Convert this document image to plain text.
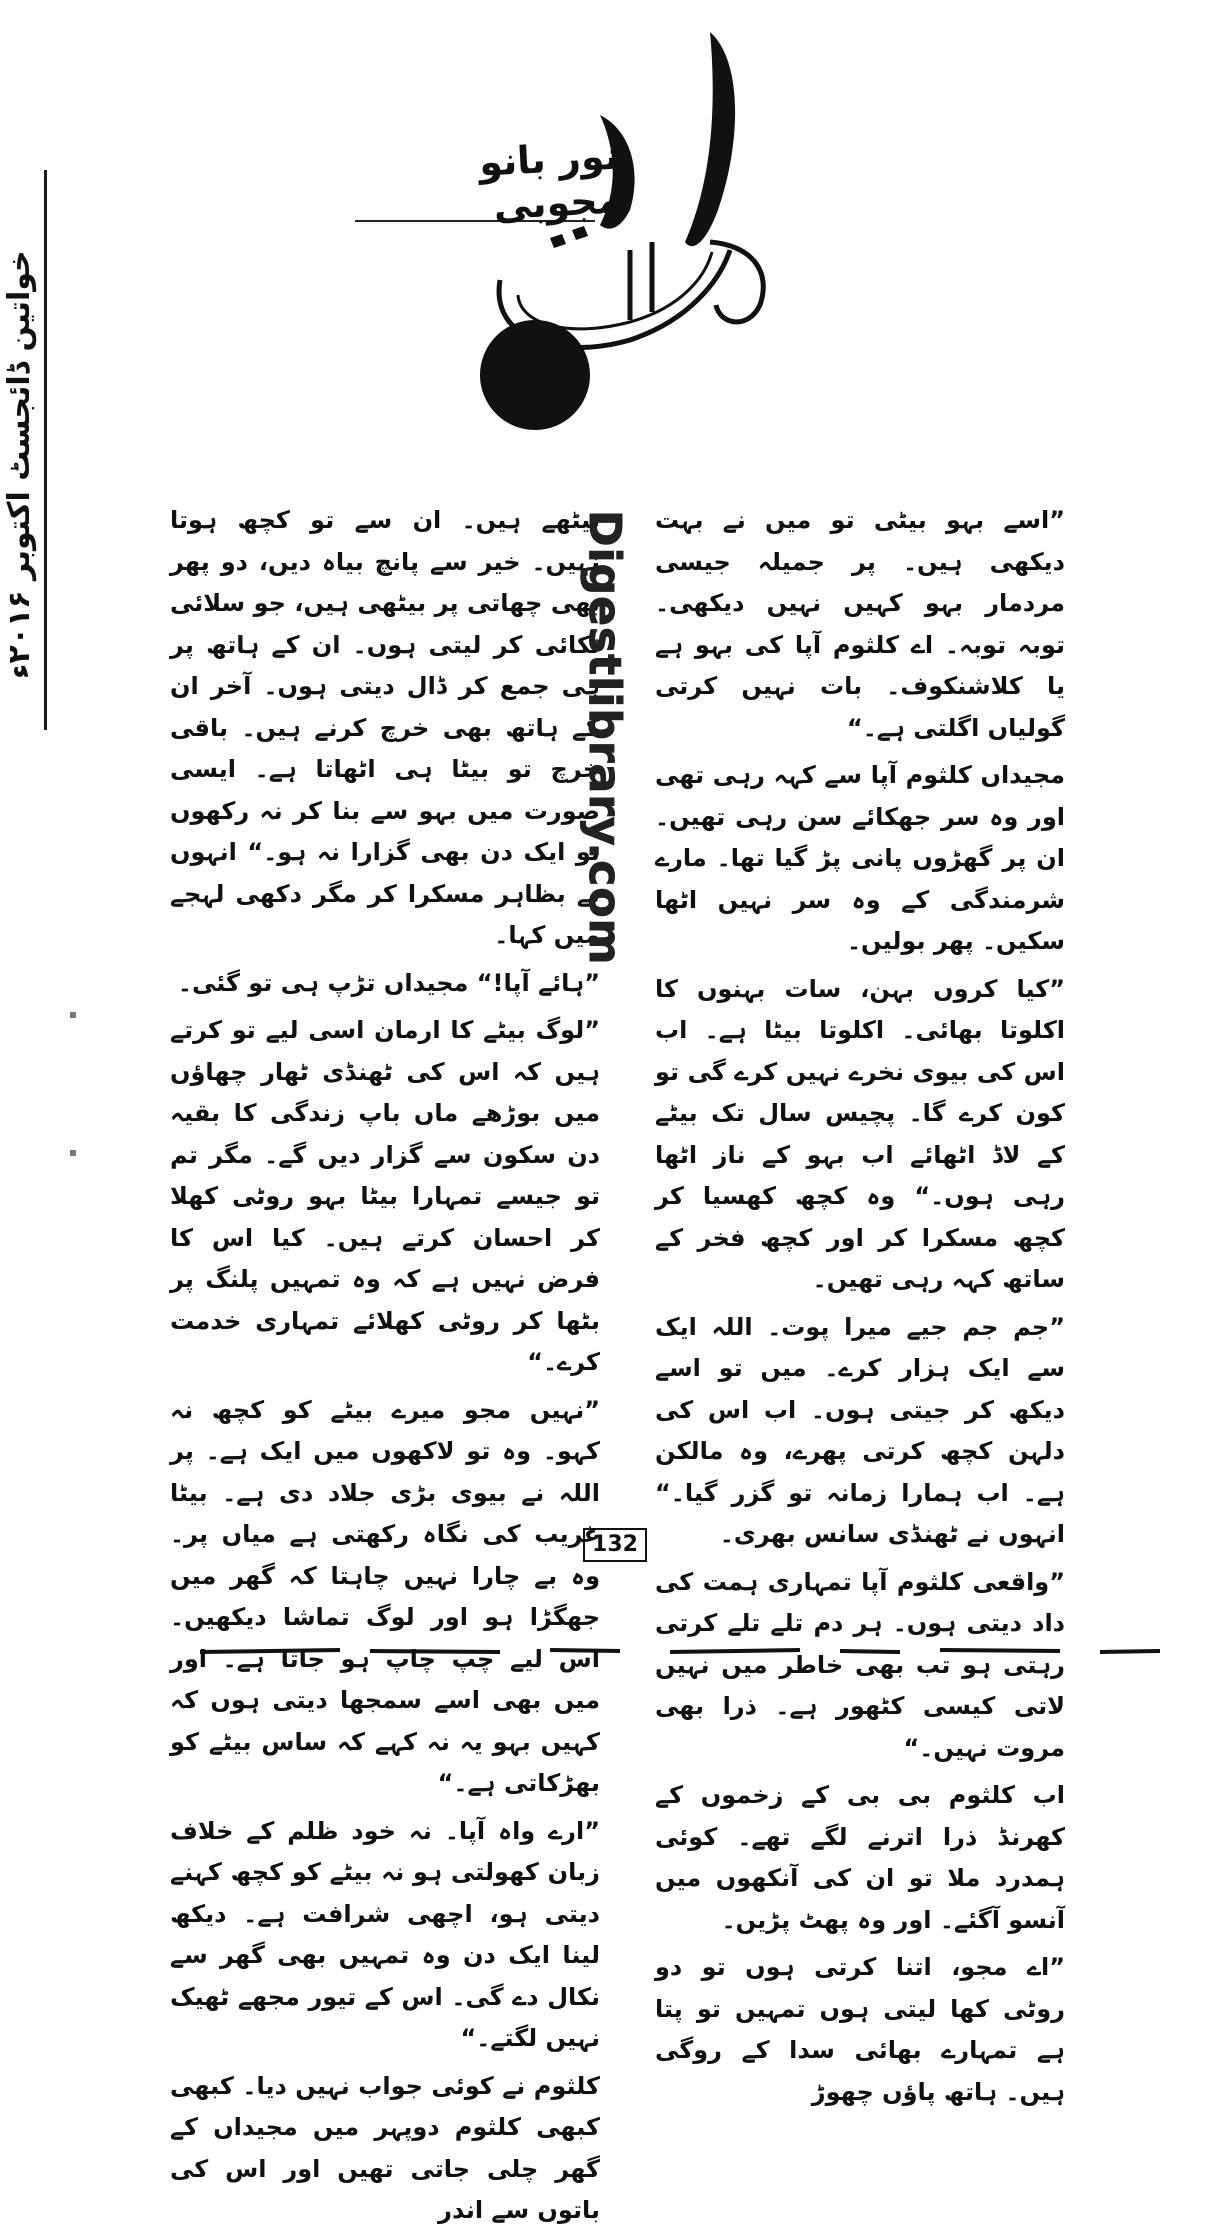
خواتین ڈائجسٹ اکتوبر ۲۰۱۶ء
نور بانو مجوبی

”اسے بہو بیٹی تو میں نے بہت دیکھی ہیں۔ پر جمیلہ جیسی مردمار بہو کہیں نہیں دیکھی۔ توبہ توبہ۔ اے کلثوم آپا کی بہو ہے یا کلاشنکوف۔ بات نہیں کرتی گولیاں اگلتی ہے۔“

مجیداں کلثوم آپا سے کہہ رہی تھی اور وہ سر جھکائے سن رہی تھیں۔ ان پر گھڑوں پانی پڑ گیا تھا۔ مارے شرمندگی کے وہ سر نہیں اٹھا سکیں۔ پھر بولیں۔

”کیا کروں بہن، سات بہنوں کا اکلوتا بھائی۔ اکلوتا بیٹا ہے۔ اب اس کی بیوی نخرے نہیں کرے گی تو کون کرے گا۔ پچیس سال تک بیٹے کے لاڈ اٹھائے اب بہو کے ناز اٹھا رہی ہوں۔“ وہ کچھ کھسیا کر کچھ مسکرا کر اور کچھ فخر کے ساتھ کہہ رہی تھیں۔

”جم جم جیے میرا پوت۔ اللہ ایک سے ایک ہزار کرے۔ میں تو اسے دیکھ کر جیتی ہوں۔ اب اس کی دلہن کچھ کرتی پھرے، وہ مالکن ہے۔ اب ہمارا زمانہ تو گزر گیا۔“ انہوں نے ٹھنڈی سانس بھری۔

”واقعی کلثوم آپا تمہاری ہمت کی داد دیتی ہوں۔ ہر دم تلے تلے کرتی رہتی ہو تب بھی خاطر میں نہیں لاتی کیسی کٹھور ہے۔ ذرا بھی مروت نہیں۔“

اب کلثوم بی بی کے زخموں کے کھرنڈ ذرا اترنے لگے تھے۔ کوئی ہمدرد ملا تو ان کی آنکھوں میں آنسو آگئے۔ اور وہ پھٹ پڑیں۔

”اے مجو، اتنا کرتی ہوں تو دو روٹی کھا لیتی ہوں تمہیں تو پتا ہے تمہارے بھائی سدا کے روگی ہیں۔ ہاتھ پاؤں چھوڑ

بیٹھے ہیں۔ ان سے تو کچھ ہوتا نہیں۔ خیر سے پانچ بیاہ دیں، دو پھر بھی چھاتی پر بیٹھی ہیں، جو سلائی ٹکائی کر لیتی ہوں۔ ان کے ہاتھ پر ہی جمع کر ڈال دیتی ہوں۔ آخر ان کے ہاتھ بھی خرچ کرنے ہیں۔ باقی خرچ تو بیٹا ہی اٹھاتا ہے۔ ایسی صورت میں بہو سے بنا کر نہ رکھوں تو ایک دن بھی گزارا نہ ہو۔“ انہوں نے بظاہر مسکرا کر مگر دکھی لہجے میں کہا۔

”ہائے آپا!“ مجیداں تڑپ ہی تو گئی۔

”لوگ بیٹے کا ارمان اسی لیے تو کرتے ہیں کہ اس کی ٹھنڈی ٹھار چھاؤں میں بوڑھے ماں باپ زندگی کا بقیہ دن سکون سے گزار دیں گے۔ مگر تم تو جیسے تمہارا بیٹا بہو روٹی کھلا کر احسان کرتے ہیں۔ کیا اس کا فرض نہیں ہے کہ وہ تمہیں پلنگ پر بٹھا کر روٹی کھلائے تمہاری خدمت کرے۔“

”نہیں مجو میرے بیٹے کو کچھ نہ کہو۔ وہ تو لاکھوں میں ایک ہے۔ پر اللہ نے بیوی بڑی جلاد دی ہے۔ بیٹا غریب کی نگاہ رکھتی ہے میاں پر۔ وہ بے چارا نہیں چاہتا کہ گھر میں جھگڑا ہو اور لوگ تماشا دیکھیں۔ اس لیے چپ چاپ ہو جاتا ہے۔ اور میں بھی اسے سمجھا دیتی ہوں کہ کہیں بہو یہ نہ کہے کہ ساس بیٹے کو بھڑکاتی ہے۔“

”ارے واہ آپا۔ نہ خود ظلم کے خلاف زبان کھولتی ہو نہ بیٹے کو کچھ کہنے دیتی ہو، اچھی شرافت ہے۔ دیکھ لینا ایک دن وہ تمہیں بھی گھر سے نکال دے گی۔ اس کے تیور مجھے ٹھیک نہیں لگتے۔“

کلثوم نے کوئی جواب نہیں دیا۔ کبھی کبھی کلثوم دوپہر میں مجیداں کے گھر چلی جاتی تھیں اور اس کی باتوں سے اندر

Digestlibrary.com
132
